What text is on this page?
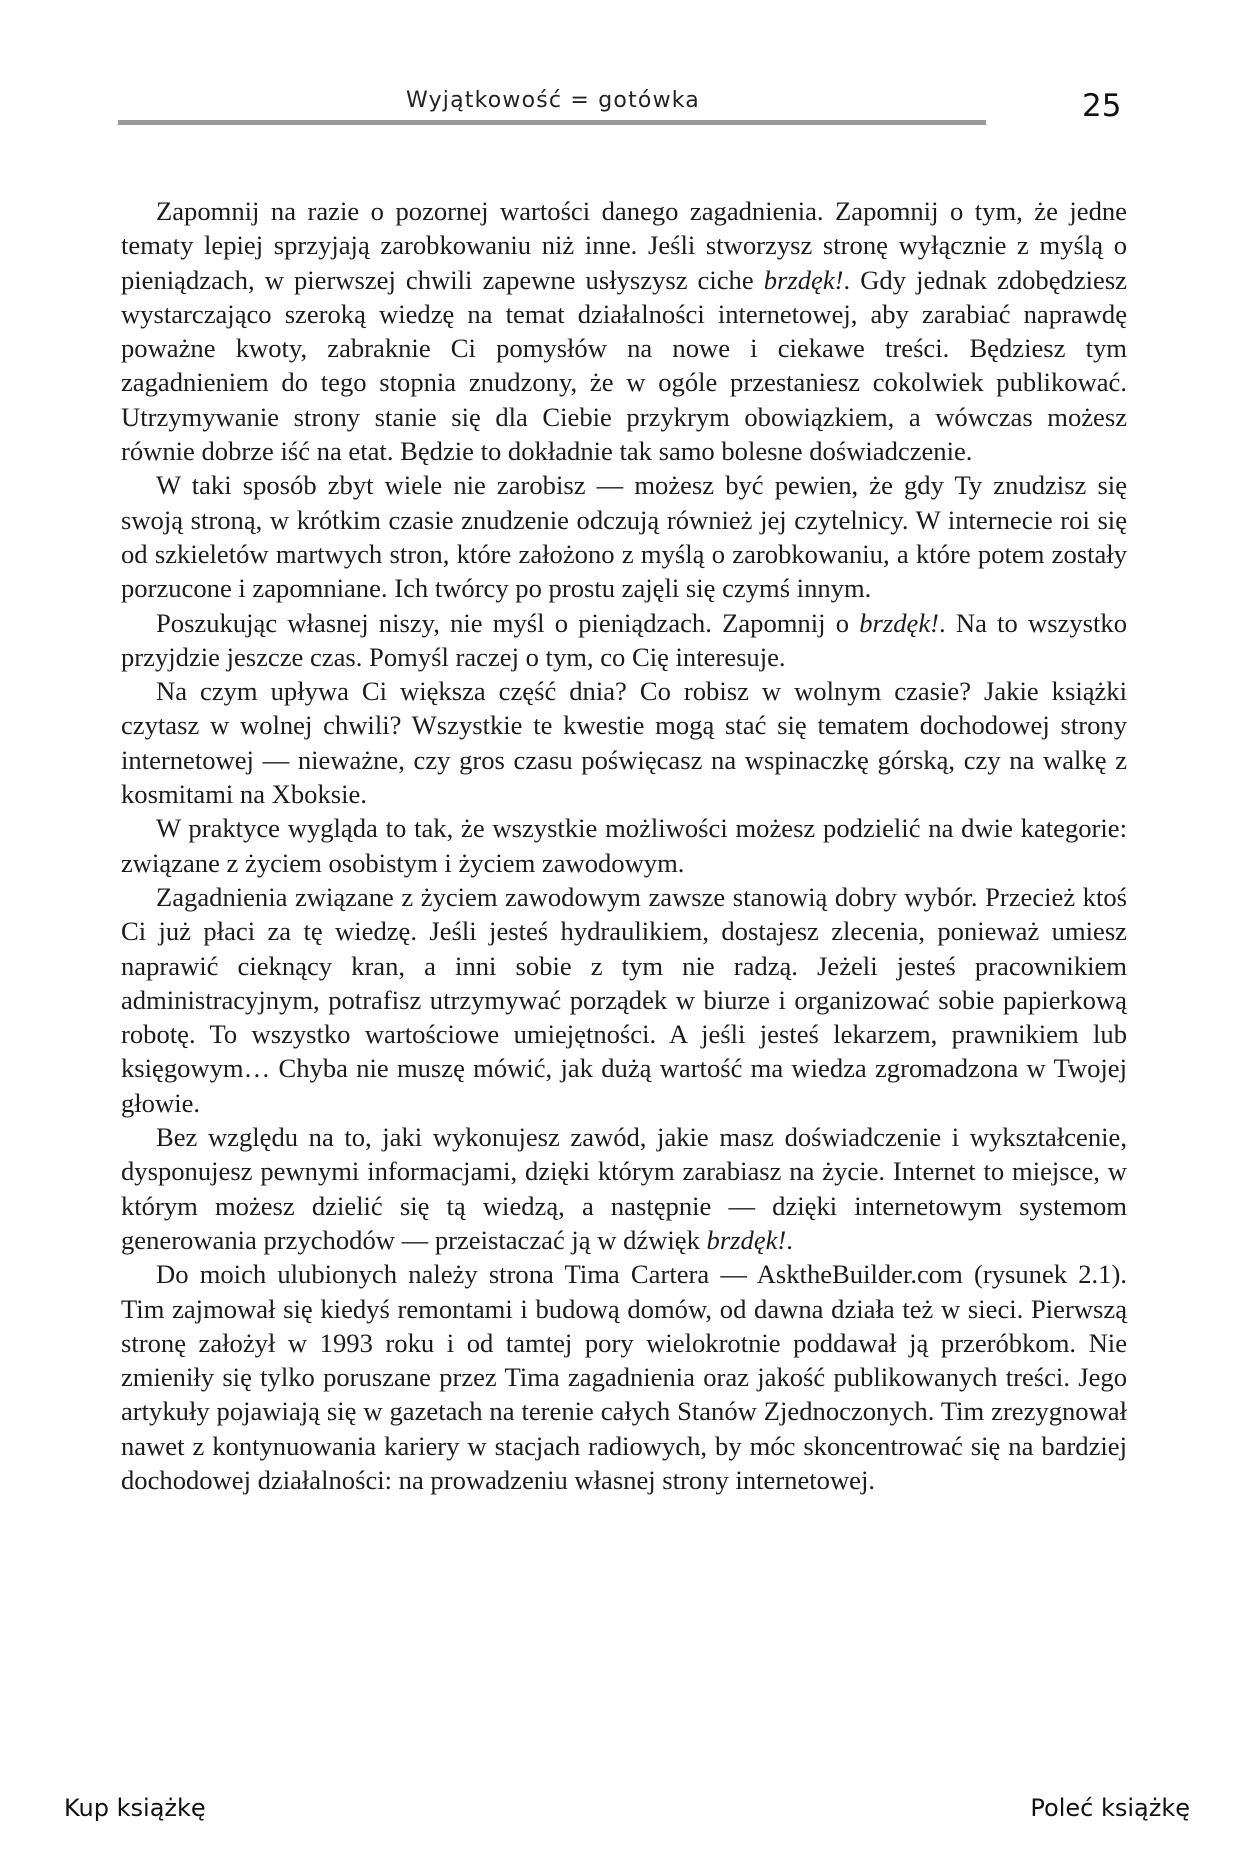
Wyjątkowość = gotówka	25

Zapomnij na razie o pozornej wartości danego zagadnienia. Zapomnij o tym, że jedne tematy lepiej sprzyjają zarobkowaniu niż inne. Jeśli stworzysz stronę wyłącznie z myślą o pieniądzach, w pierwszej chwili zapewne usłyszysz ciche brzdęk!. Gdy jednak zdobędziesz wystarczająco szeroką wiedzę na temat działalności internetowej, aby zarabiać naprawdę poważne kwoty, zabraknie Ci pomysłów na nowe i ciekawe treści. Będziesz tym zagadnieniem do tego stopnia znudzony, że w ogóle przestaniesz cokolwiek publikować. Utrzymywanie strony stanie się dla Ciebie przykrym obowiązkiem, a wówczas możesz równie dobrze iść na etat. Będzie to dokładnie tak samo bolesne doświadczenie.

W taki sposób zbyt wiele nie zarobisz — możesz być pewien, że gdy Ty znudzisz się swoją stroną, w krótkim czasie znudzenie odczują również jej czytelnicy. W internecie roi się od szkieletów martwych stron, które założono z myślą o zarobkowaniu, a które potem zostały porzucone i zapomniane. Ich twórcy po prostu zajęli się czymś innym.

Poszukując własnej niszy, nie myśl o pieniądzach. Zapomnij o brzdęk!. Na to wszystko przyjdzie jeszcze czas. Pomyśl raczej o tym, co Cię interesuje.

Na czym upływa Ci większa część dnia? Co robisz w wolnym czasie? Jakie książki czytasz w wolnej chwili? Wszystkie te kwestie mogą stać się tematem dochodowej strony internetowej — nieważne, czy gros czasu poświęcasz na wspinaczkę górską, czy na walkę z kosmitami na Xboksie.

W praktyce wygląda to tak, że wszystkie możliwości możesz podzielić na dwie kategorie: związane z życiem osobistym i życiem zawodowym.

Zagadnienia związane z życiem zawodowym zawsze stanowią dobry wybór. Przecież ktoś Ci już płaci za tę wiedzę. Jeśli jesteś hydraulikiem, dostajesz zlecenia, ponieważ umiesz naprawić cieknący kran, a inni sobie z tym nie radzą. Jeżeli jesteś pracownikiem administracyjnym, potrafisz utrzymywać porządek w biurze i organizować sobie papierkową robotę. To wszystko wartościowe umiejętności. A jeśli jesteś lekarzem, prawnikiem lub księgowym… Chyba nie muszę mówić, jak dużą wartość ma wiedza zgromadzona w Twojej głowie.

Bez względu na to, jaki wykonujesz zawód, jakie masz doświadczenie i wykształcenie, dysponujesz pewnymi informacjami, dzięki którym zarabiasz na życie. Internet to miejsce, w którym możesz dzielić się tą wiedzą, a następnie — dzięki internetowym systemom generowania przychodów — przeistaczać ją w dźwięk brzdęk!.

Do moich ulubionych należy strona Tima Cartera — AsktheBuilder.com (rysunek 2.1). Tim zajmował się kiedyś remontami i budową domów, od dawna działa też w sieci. Pierwszą stronę założył w 1993 roku i od tamtej pory wielokrotnie poddawał ją przeróbkom. Nie zmieniły się tylko poruszane przez Tima zagadnienia oraz jakość publikowanych treści. Jego artykuły pojawiają się w gazetach na terenie całych Stanów Zjednoczonych. Tim zrezygnował nawet z kontynuowania kariery w stacjach radiowych, by móc skoncentrować się na bardziej dochodowej działalności: na prowadzeniu własnej strony internetowej.

Kup książkę	Poleć książkę
